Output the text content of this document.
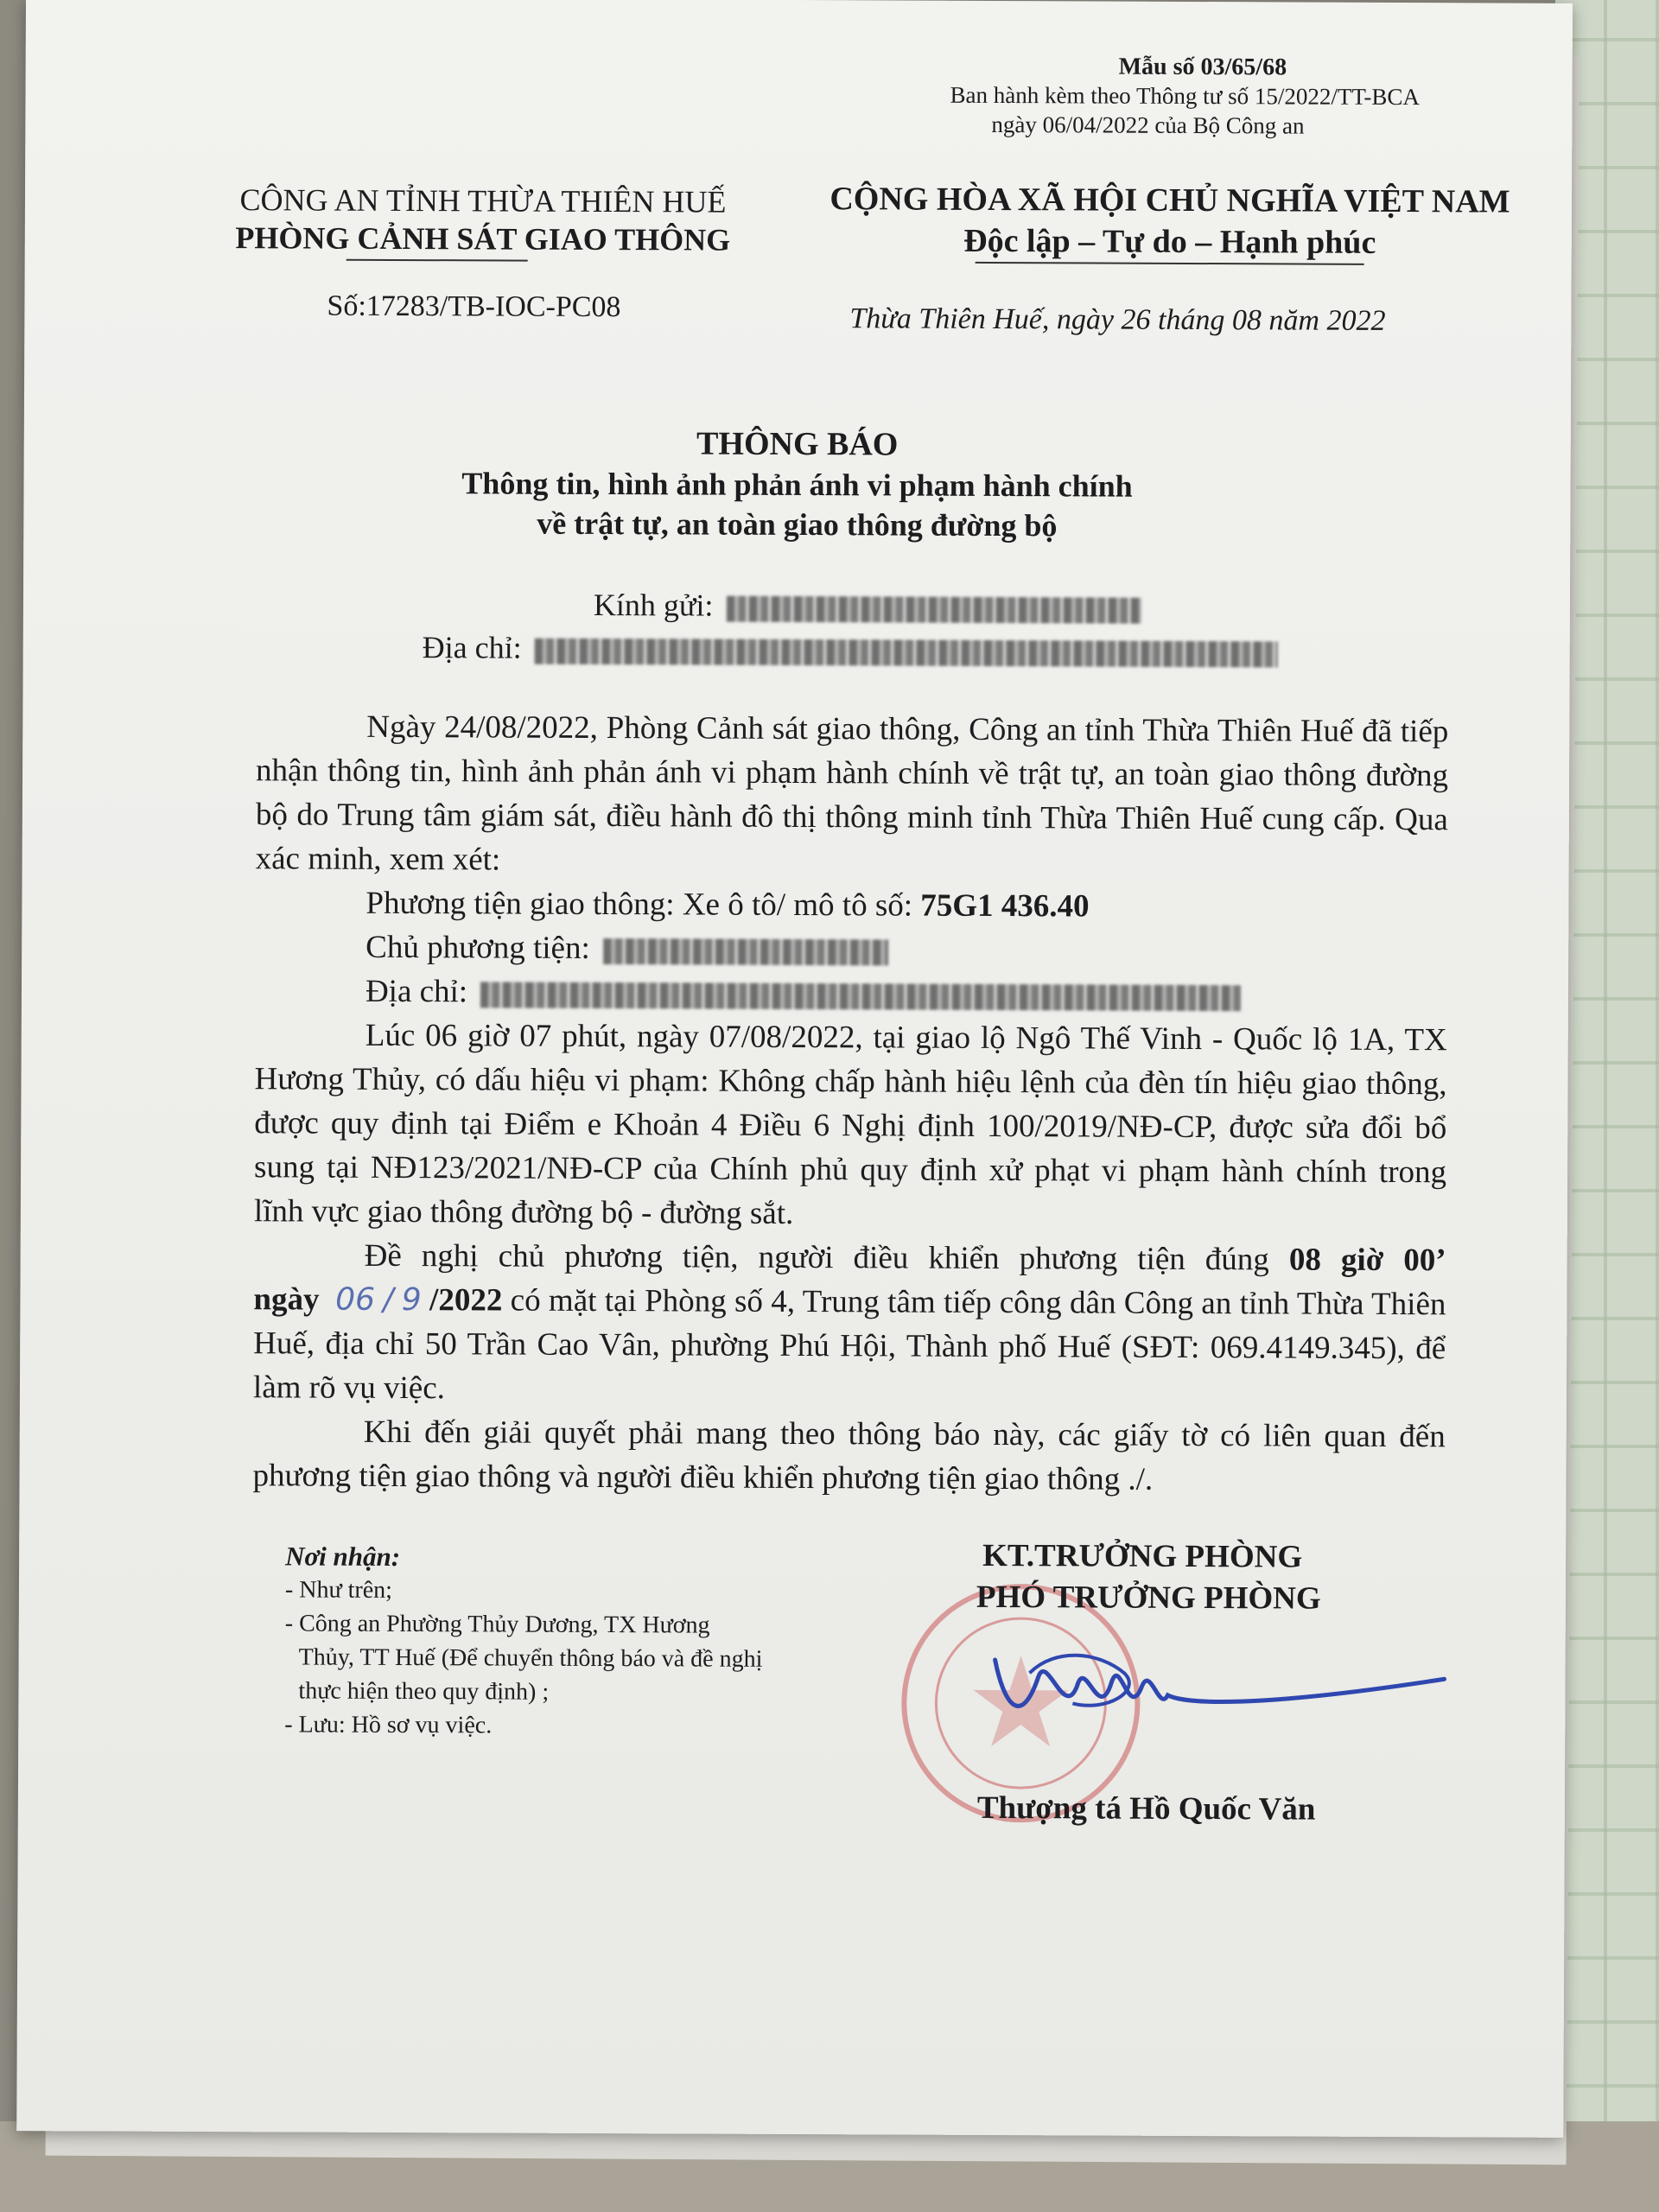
Mẫu số 03/65/68
Ban hành kèm theo Thông tư số 15/2022/TT-BCA
ngày 06/04/2022 của Bộ Công an
CÔNG AN TỈNH THỪA THIÊN HUẾ
PHÒNG CẢNH SÁT GIAO THÔNG
CỘNG HÒA XÃ HỘI CHỦ NGHĨA VIỆT NAM
Độc lập – Tự do – Hạnh phúc
Số:17283/TB-IOC-PC08	Thừa Thiên Huế, ngày 26 tháng 08 năm 2022
THÔNG BÁO
Thông tin, hình ảnh phản ánh vi phạm hành chính
về trật tự, an toàn giao thông đường bộ
Kính gửi:
Địa chỉ:

Ngày 24/08/2022, Phòng Cảnh sát giao thông, Công an tỉnh Thừa Thiên Huế đã tiếp nhận thông tin, hình ảnh phản ánh vi phạm hành chính về trật tự, an toàn giao thông đường bộ do Trung tâm giám sát, điều hành đô thị thông minh tỉnh Thừa Thiên Huế cung cấp. Qua xác minh, xem xét:

Phương tiện giao thông: Xe ô tô/ mô tô số: 75G1 436.40

Chủ phương tiện:

Địa chỉ:

Lúc 06 giờ 07 phút, ngày 07/08/2022, tại giao lộ Ngô Thế Vinh - Quốc lộ 1A, TX Hương Thủy, có dấu hiệu vi phạm: Không chấp hành hiệu lệnh của đèn tín hiệu giao thông, được quy định tại Điểm e Khoản 4 Điều 6 Nghị định 100/2019/NĐ-CP, được sửa đổi bổ sung tại NĐ123/2021/NĐ-CP của Chính phủ quy định xử phạt vi phạm hành chính trong lĩnh vực giao thông đường bộ - đường sắt.

Đề nghị chủ phương tiện, người điều khiển phương tiện đúng 08 giờ 00’ ngày 06 / 9 /2022 có mặt tại Phòng số 4, Trung tâm tiếp công dân Công an tỉnh Thừa Thiên Huế, địa chỉ 50 Trần Cao Vân, phường Phú Hội, Thành phố Huế (SĐT: 069.4149.345), để làm rõ vụ việc.

Khi đến giải quyết phải mang theo thông báo này, các giấy tờ có liên quan đến phương tiện giao thông và người điều khiển phương tiện giao thông ./.

Nơi nhận:
- Như trên;
- Công an Phường Thủy Dương, TX Hương
Thủy, TT Huế (Để chuyển thông báo và đề nghị
thực hiện theo quy định) ;
- Lưu: Hồ sơ vụ việc.
KT.TRƯỞNG PHÒNG
PHÓ TRƯỞNG PHÒNG
Thượng tá Hồ Quốc Văn
